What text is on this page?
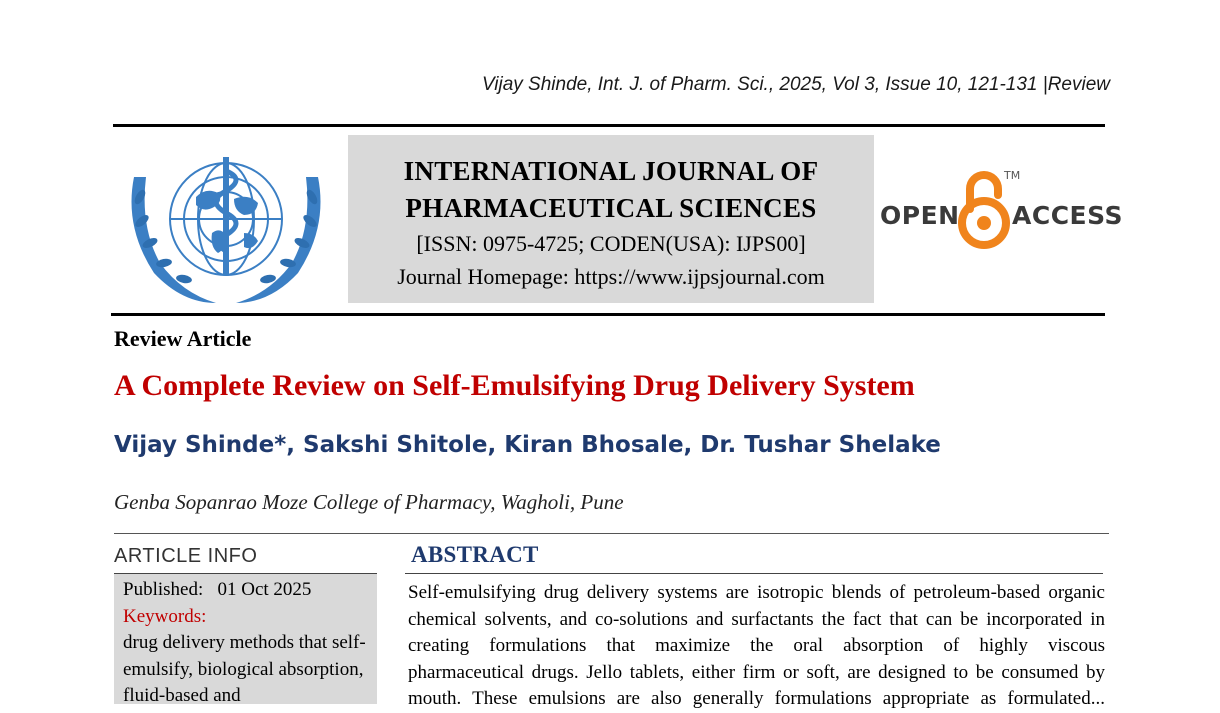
Vijay Shinde, Int. J. of Pharm. Sci., 2025, Vol 3, Issue 10, 121-131 |Review
INTERNATIONAL JOURNAL OF
PHARMACEUTICAL SCIENCES
[ISSN: 0975-4725; CODEN(USA): IJPS00]
Journal Homepage: https://www.ijpsjournal.com
OPEN
TM
ACCESS
Review Article
A Complete Review on Self-Emulsifying Drug Delivery System
Vijay Shinde*, Sakshi Shitole, Kiran Bhosale, Dr. Tushar Shelake
Genba Sopanrao Moze College of Pharmacy, Wagholi, Pune
ARTICLE INFO
Published: 01 Oct 2025
Keywords:
drug delivery methods that self-emulsify, biological absorption, fluid-based and
ABSTRACT
Self-emulsifying drug delivery systems are isotropic blends of petroleum-based organic
chemical solvents, and co-solutions and surfactants the fact that can be incorporated in
creating formulations that maximize the oral absorption of highly viscous
pharmaceutical drugs. Jello tablets, either firm or soft, are designed to be consumed by
mouth. These emulsions are also generally formulations appropriate as formulated...
